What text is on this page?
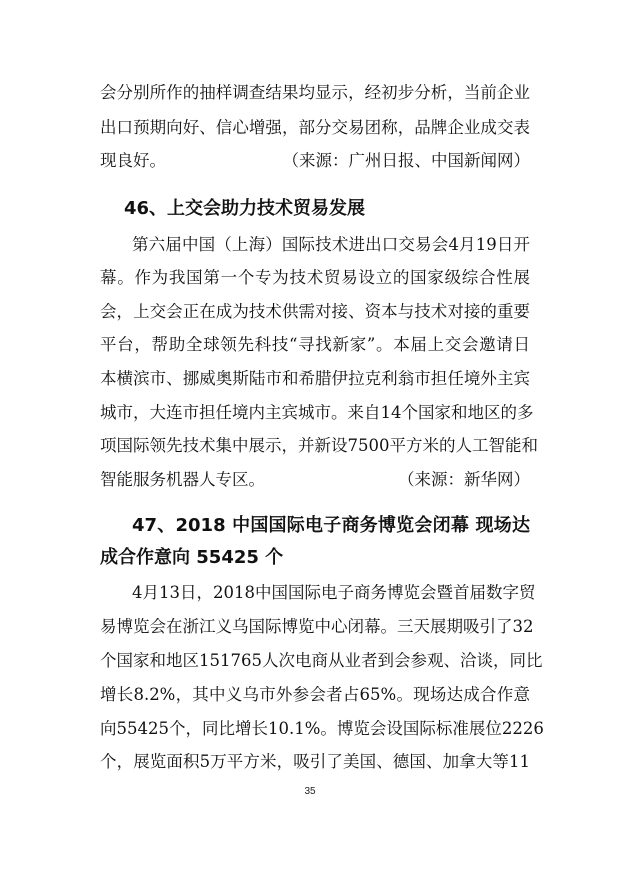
会分别所作的抽样调查结果均显示，经初步分析，当前企业
出口预期向好、信心增强，部分交易团称，品牌企业成交表
现良好。	（来源：广州日报、中国新闻网）
46、上交会助力技术贸易发展
第六届中国（上海）国际技术进出口交易会4月19日开
幕。作为我国第一个专为技术贸易设立的国家级综合性展
会，上交会正在成为技术供需对接、资本与技术对接的重要
平台，帮助全球领先科技“寻找新家”。本届上交会邀请日
本横滨市、挪威奥斯陆市和希腊伊拉克利翁市担任境外主宾
城市，大连市担任境内主宾城市。来自14个国家和地区的多
项国际领先技术集中展示，并新设7500平方米的人工智能和
智能服务机器人专区。	（来源：新华网）
47、2018 中国国际电子商务博览会闭幕 现场达
成合作意向 55425 个
4月13日，2018中国国际电子商务博览会暨首届数字贸
易博览会在浙江义乌国际博览中心闭幕。三天展期吸引了32
个国家和地区151765人次电商从业者到会参观、洽谈，同比
增长8.2%，其中义乌市外参会者占65%。现场达成合作意
向55425个，同比增长10.1%。博览会设国际标准展位2226
个，展览面积5万平方米，吸引了美国、德国、加拿大等11
35
